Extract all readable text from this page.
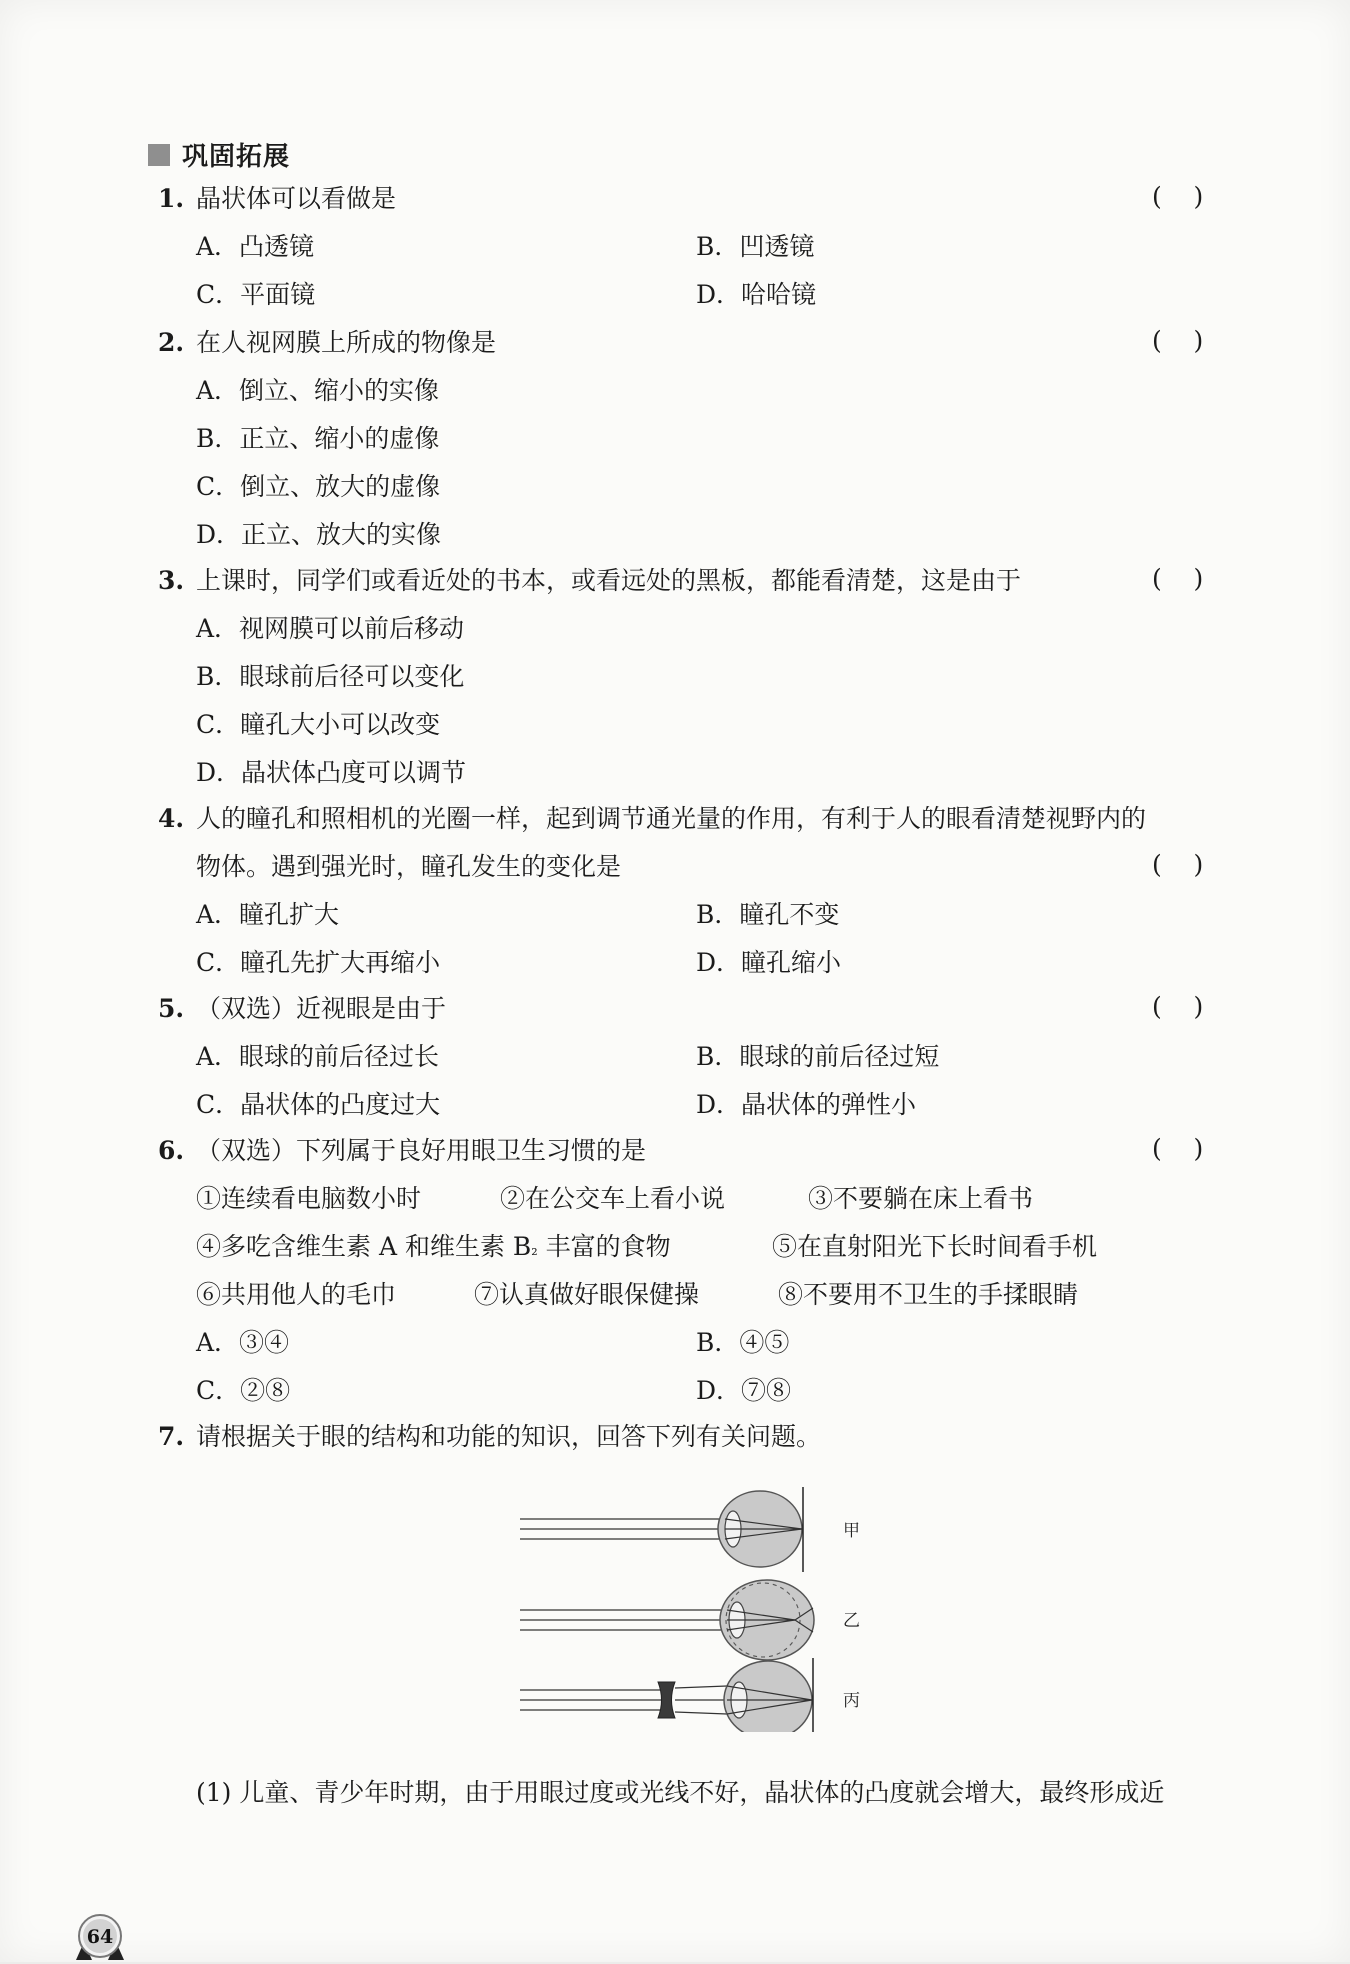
巩固拓展
1. 晶状体可以看做是	(    )
A．凸透镜	B．凹透镜
C．平面镜	D．哈哈镜
2. 在人视网膜上所成的物像是	(    )
A．倒立、缩小的实像
B．正立、缩小的虚像
C．倒立、放大的虚像
D．正立、放大的实像
3. 上课时，同学们或看近处的书本，或看远处的黑板，都能看清楚，这是由于	(    )
A．视网膜可以前后移动
B．眼球前后径可以变化
C．瞳孔大小可以改变
D．晶状体凸度可以调节
4. 人的瞳孔和照相机的光圈一样，起到调节通光量的作用，有利于人的眼看清楚视野内的
物体。遇到强光时，瞳孔发生的变化是	(    )
A．瞳孔扩大	B．瞳孔不变
C．瞳孔先扩大再缩小	D．瞳孔缩小
5. （双选）近视眼是由于	(    )
A．眼球的前后径过长	B．眼球的前后径过短
C．晶状体的凸度过大	D．晶状体的弹性小
6. （双选）下列属于良好用眼卫生习惯的是	(    )
①连续看电脑数小时	②在公交车上看小说	③不要躺在床上看书
④多吃含维生素 A 和维生素 B₂ 丰富的食物	⑤在直射阳光下长时间看手机
⑥共用他人的毛巾	⑦认真做好眼保健操	⑧不要用不卫生的手揉眼睛
A．③④	B．④⑤
C．②⑧	D．⑦⑧
7. 请根据关于眼的结构和功能的知识，回答下列有关问题。
甲
乙
丙
(1) 儿童、青少年时期，由于用眼过度或光线不好，晶状体的凸度就会增大，最终形成近
64
